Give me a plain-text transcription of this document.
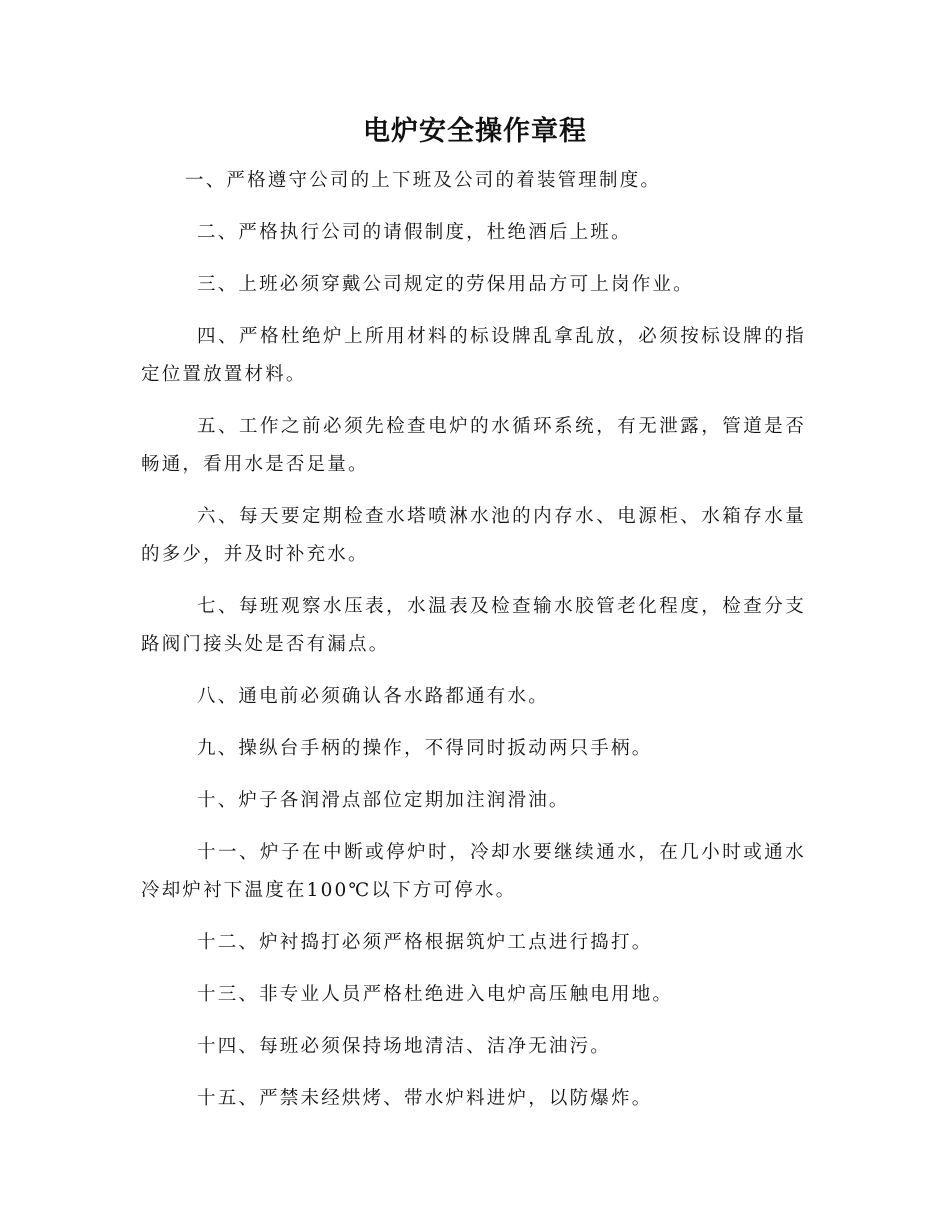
电炉安全操作章程

一、严格遵守公司的上下班及公司的着装管理制度。

二、严格执行公司的请假制度，杜绝酒后上班。

三、上班必须穿戴公司规定的劳保用品方可上岗作业。

四、严格杜绝炉上所用材料的标设牌乱拿乱放，必须按标设牌的指定位置放置材料。

五、工作之前必须先检查电炉的水循环系统，有无泄露，管道是否畅通，看用水是否足量。

六、每天要定期检查水塔喷淋水池的内存水、电源柜、水箱存水量的多少，并及时补充水。

七、每班观察水压表，水温表及检查输水胶管老化程度，检查分支路阀门接头处是否有漏点。

八、通电前必须确认各水路都通有水。

九、操纵台手柄的操作，不得同时扳动两只手柄。

十、炉子各润滑点部位定期加注润滑油。

十一、炉子在中断或停炉时，冷却水要继续通水，在几小时或通水冷却炉衬下温度在100℃以下方可停水。

十二、炉衬捣打必须严格根据筑炉工点进行捣打。

十三、非专业人员严格杜绝进入电炉高压触电用地。

十四、每班必须保持场地清洁、洁净无油污。

十五、严禁未经烘烤、带水炉料进炉，以防爆炸。
